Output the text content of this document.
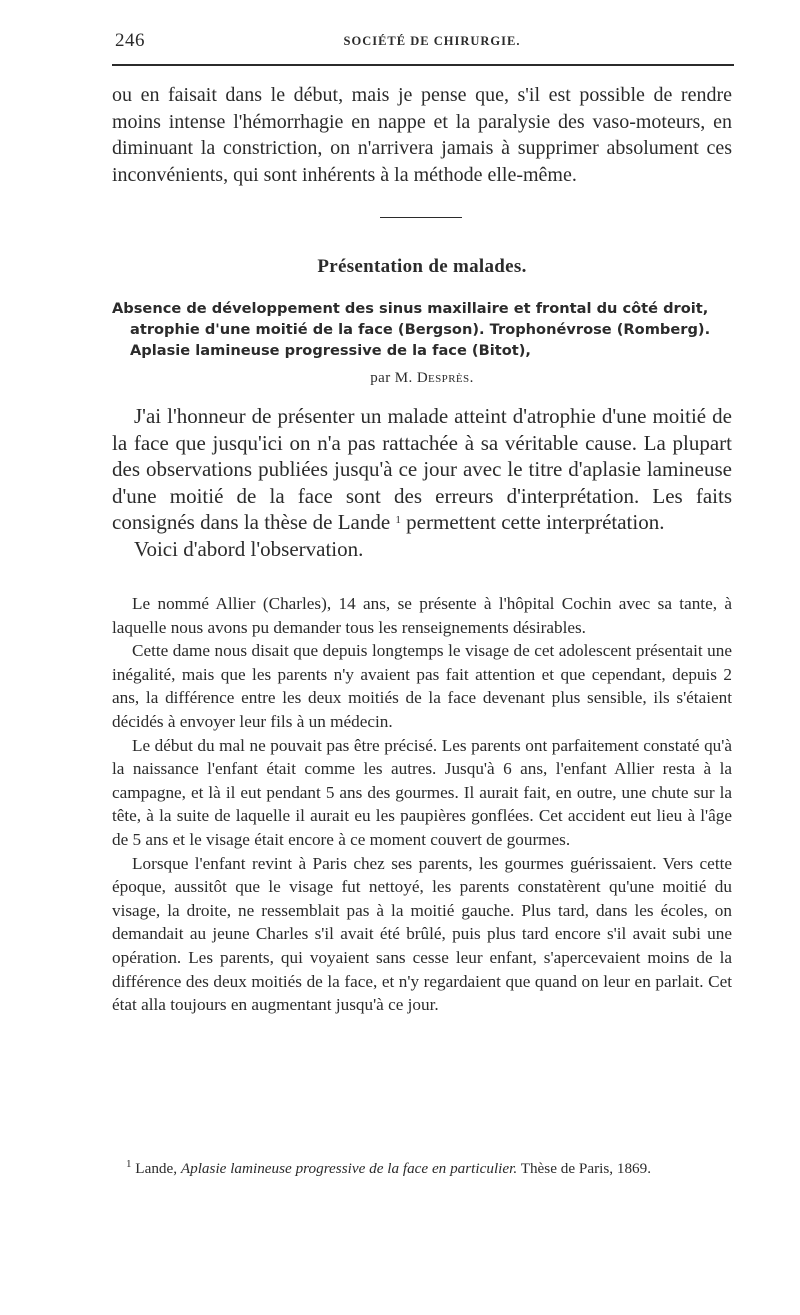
246	SOCIÉTÉ DE CHIRURGIE.

ou en faisait dans le début, mais je pense que, s'il est possible de rendre moins intense l'hémorrhagie en nappe et la paralysie des vaso-moteurs, en diminuant la constriction, on n'arrivera jamais à supprimer absolument ces inconvénients, qui sont inhérents à la méthode elle-même.

Présentation de malades.
Absence de développement des sinus maxillaire et frontal du côté droit,
atrophie d'une moitié de la face (Bergson). Trophonévrose (Romberg).
Aplasie lamineuse progressive de la face (Bitot),
par M. Desprès.

J'ai l'honneur de présenter un malade atteint d'atrophie d'une moitié de la face que jusqu'ici on n'a pas rattachée à sa véritable cause. La plupart des observations publiées jusqu'à ce jour avec le titre d'aplasie lamineuse d'une moitié de la face sont des erreurs d'interprétation. Les faits consignés dans la thèse de Lande $^1$ permettent cette interprétation.

Voici d'abord l'observation.

Le nommé Allier (Charles), 14 ans, se présente à l'hôpital Cochin avec sa tante, à laquelle nous avons pu demander tous les renseignements désirables.

Cette dame nous disait que depuis longtemps le visage de cet adolescent présentait une inégalité, mais que les parents n'y avaient pas fait attention et que cependant, depuis 2 ans, la différence entre les deux moitiés de la face devenant plus sensible, ils s'étaient décidés à envoyer leur fils à un médecin.

Le début du mal ne pouvait pas être précisé. Les parents ont parfaitement constaté qu'à la naissance l'enfant était comme les autres. Jusqu'à 6 ans, l'enfant Allier resta à la campagne, et là il eut pendant 5 ans des gourmes. Il aurait fait, en outre, une chute sur la tête, à la suite de laquelle il aurait eu les paupières gonflées. Cet accident eut lieu à l'âge de 5 ans et le visage était encore à ce moment couvert de gourmes.

Lorsque l'enfant revint à Paris chez ses parents, les gourmes guérissaient. Vers cette époque, aussitôt que le visage fut nettoyé, les parents constatèrent qu'une moitié du visage, la droite, ne ressemblait pas à la moitié gauche. Plus tard, dans les écoles, on demandait au jeune Charles s'il avait été brûlé, puis plus tard encore s'il avait subi une opération. Les parents, qui voyaient sans cesse leur enfant, s'apercevaient moins de la différence des deux moitiés de la face, et n'y regardaient que quand on leur en parlait. Cet état alla toujours en augmentant jusqu'à ce jour.

$^1$ Lande, Aplasie lamineuse progressive de la face en particulier. Thèse de Paris, 1869.
